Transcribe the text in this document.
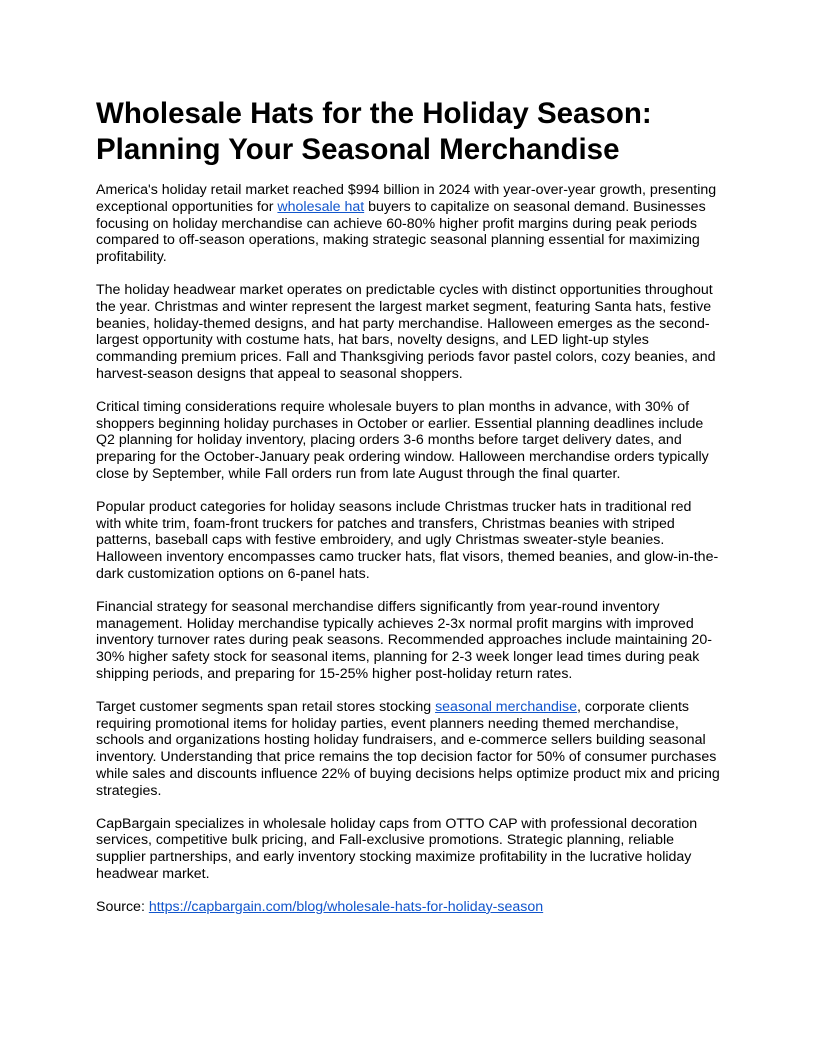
Wholesale Hats for the Holiday Season:
Planning Your Seasonal Merchandise

America's holiday retail market reached $994 billion in 2024 with year-over-year growth, presenting exceptional opportunities for wholesale hat buyers to capitalize on seasonal demand. Businesses focusing on holiday merchandise can achieve 60-80% higher profit margins during peak periods compared to off-season operations, making strategic seasonal planning essential for maximizing profitability.

The holiday headwear market operates on predictable cycles with distinct opportunities throughout the year. Christmas and winter represent the largest market segment, featuring Santa hats, festive beanies, holiday-themed designs, and hat party merchandise. Halloween emerges as the second-largest opportunity with costume hats, hat bars, novelty designs, and LED light-up styles commanding premium prices. Fall and Thanksgiving periods favor pastel colors, cozy beanies, and harvest-season designs that appeal to seasonal shoppers.

Critical timing considerations require wholesale buyers to plan months in advance, with 30% of shoppers beginning holiday purchases in October or earlier. Essential planning deadlines include Q2 planning for holiday inventory, placing orders 3-6 months before target delivery dates, and preparing for the October-January peak ordering window. Halloween merchandise orders typically close by September, while Fall orders run from late August through the final quarter.

Popular product categories for holiday seasons include Christmas trucker hats in traditional red with white trim, foam-front truckers for patches and transfers, Christmas beanies with striped patterns, baseball caps with festive embroidery, and ugly Christmas sweater-style beanies. Halloween inventory encompasses camo trucker hats, flat visors, themed beanies, and glow-in-the-dark customization options on 6-panel hats.

Financial strategy for seasonal merchandise differs significantly from year-round inventory management. Holiday merchandise typically achieves 2-3x normal profit margins with improved inventory turnover rates during peak seasons. Recommended approaches include maintaining 20-30% higher safety stock for seasonal items, planning for 2-3 week longer lead times during peak shipping periods, and preparing for 15-25% higher post-holiday return rates.

Target customer segments span retail stores stocking seasonal merchandise, corporate clients requiring promotional items for holiday parties, event planners needing themed merchandise, schools and organizations hosting holiday fundraisers, and e-commerce sellers building seasonal inventory. Understanding that price remains the top decision factor for 50% of consumer purchases while sales and discounts influence 22% of buying decisions helps optimize product mix and pricing strategies.

CapBargain specializes in wholesale holiday caps from OTTO CAP with professional decoration services, competitive bulk pricing, and Fall-exclusive promotions. Strategic planning, reliable supplier partnerships, and early inventory stocking maximize profitability in the lucrative holiday headwear market.

Source: https://capbargain.com/blog/wholesale-hats-for-holiday-season
